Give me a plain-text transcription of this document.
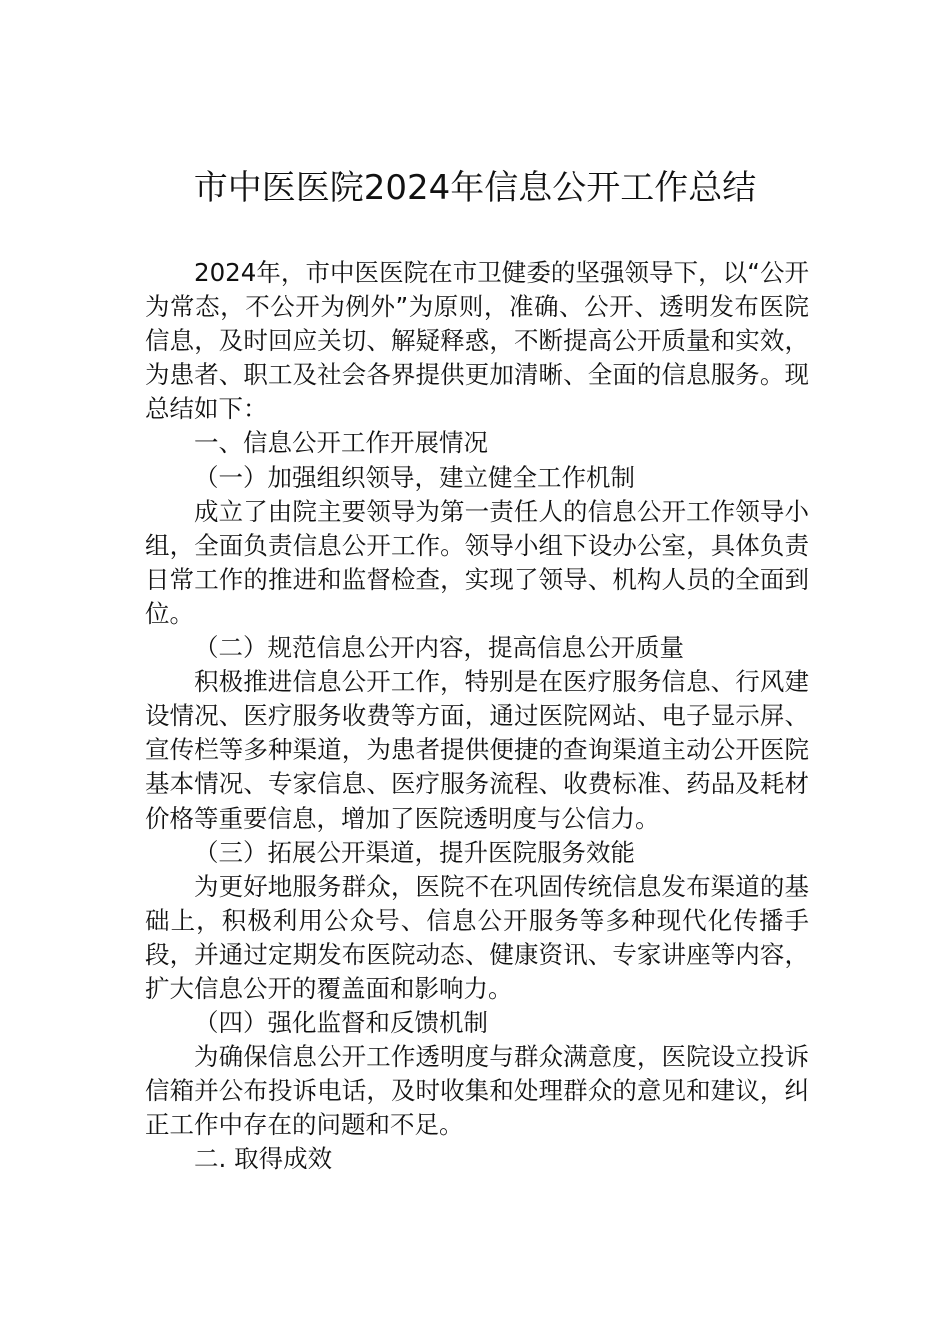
市中医医院2024年信息公开工作总结

2024年，市中医医院在市卫健委的坚强领导下，以“公开为常态，不公开为例外”为原则，准确、公开、透明发布医院信息，及时回应关切、解疑释惑，不断提高公开质量和实效，为患者、职工及社会各界提供更加清晰、全面的信息服务。现总结如下：

一、信息公开工作开展情况

（一）加强组织领导，建立健全工作机制

成立了由院主要领导为第一责任人的信息公开工作领导小组，全面负责信息公开工作。领导小组下设办公室，具体负责日常工作的推进和监督检查，实现了领导、机构人员的全面到位。

（二）规范信息公开内容，提高信息公开质量

积极推进信息公开工作，特别是在医疗服务信息、行风建设情况、医疗服务收费等方面，通过医院网站、电子显示屏、宣传栏等多种渠道，为患者提供便捷的查询渠道主动公开医院基本情况、专家信息、医疗服务流程、收费标准、药品及耗材价格等重要信息，增加了医院透明度与公信力。

（三）拓展公开渠道，提升医院服务效能

为更好地服务群众，医院不在巩固传统信息发布渠道的基础上，积极利用公众号、信息公开服务等多种现代化传播手段，并通过定期发布医院动态、健康资讯、专家讲座等内容，扩大信息公开的覆盖面和影响力。

（四）强化监督和反馈机制

为确保信息公开工作透明度与群众满意度，医院设立投诉信箱并公布投诉电话，及时收集和处理群众的意见和建议，纠正工作中存在的问题和不足。

二. 取得成效
